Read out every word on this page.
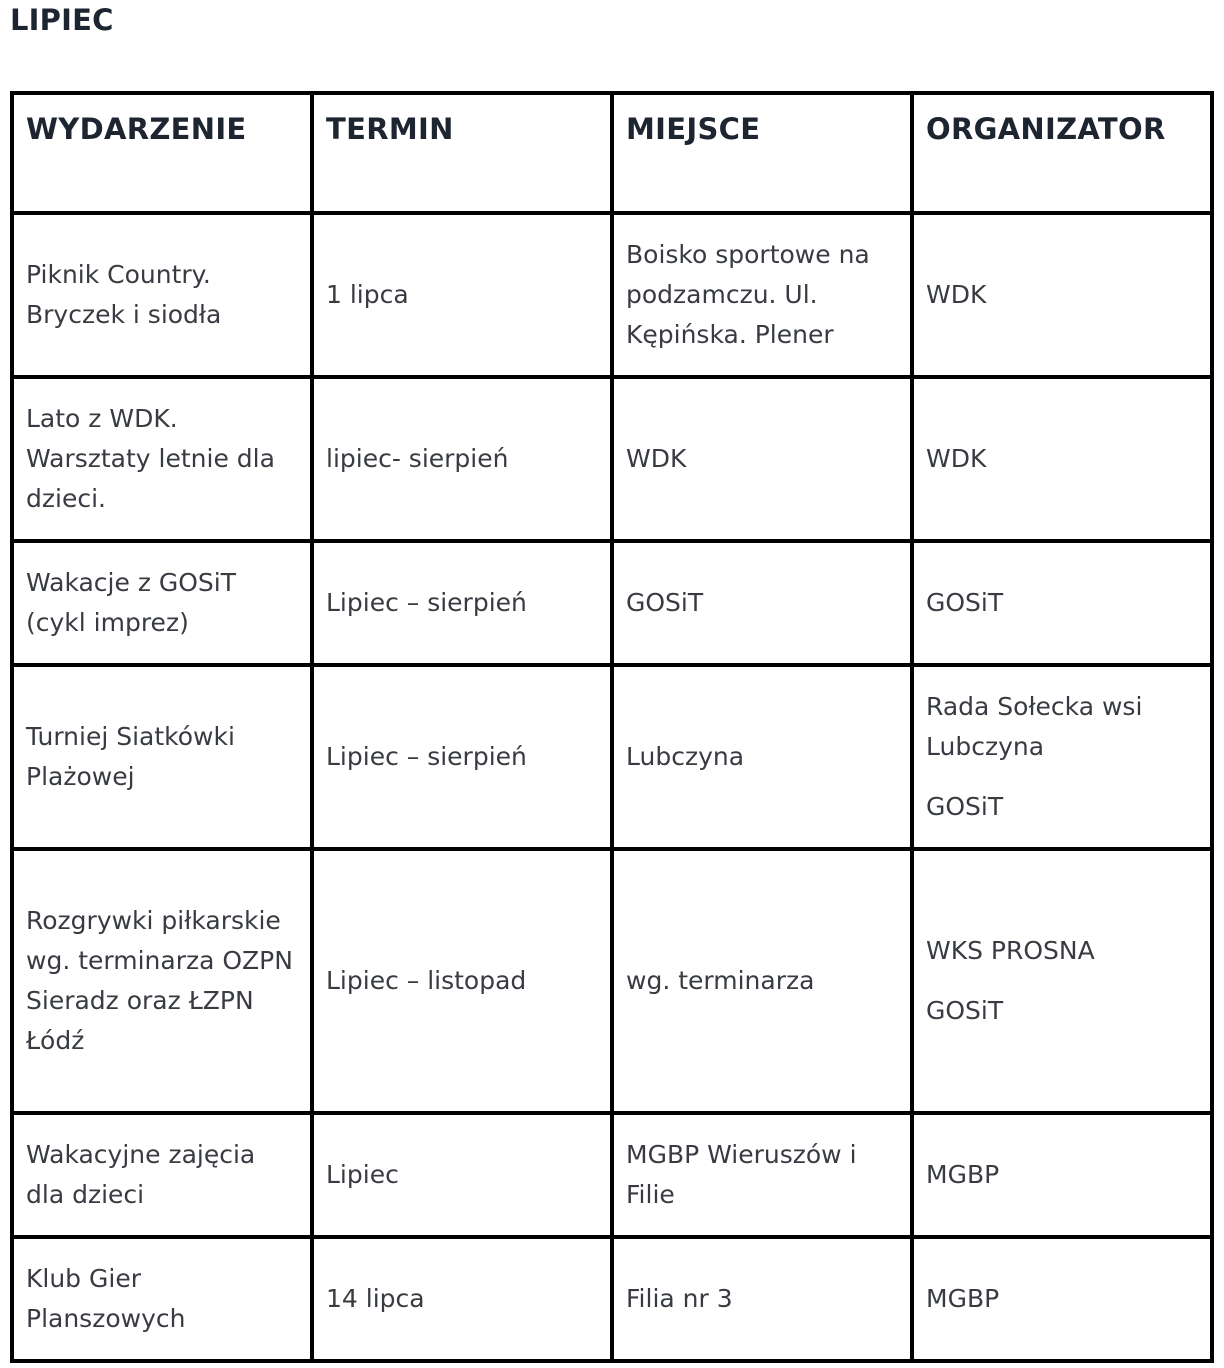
LIPIEC
WYDARZENIE	TERMIN	MIEJSCE	ORGANIZATOR
Piknik Country. Bryczek i siodła	1 lipca	Boisko sportowe na podzamczu. Ul. Kępińska. Plener	WDK

Lato z WDK. Warsztaty letnie dla dzieci.	lipiec- sierpień	WDK	WDK

Wakacje z GOSiT (cykl imprez)	Lipiec – sierpień	GOSiT	GOSiT

Turniej Siatkówki Plażowej	Lipiec – sierpień	Lubczyna	Rada Sołecka wsi Lubczyna
GOSiT

Rozgrywki piłkarskie wg. terminarza OZPN Sieradz oraz ŁZPN Łódź	Lipiec – listopad	wg. terminarza	WKS PROSNA
GOSiT

Wakacyjne zajęcia dla dzieci	Lipiec	MGBP Wieruszów i Filie	MGBP

Klub Gier Planszowych	14 lipca	Filia nr 3	MGBP
